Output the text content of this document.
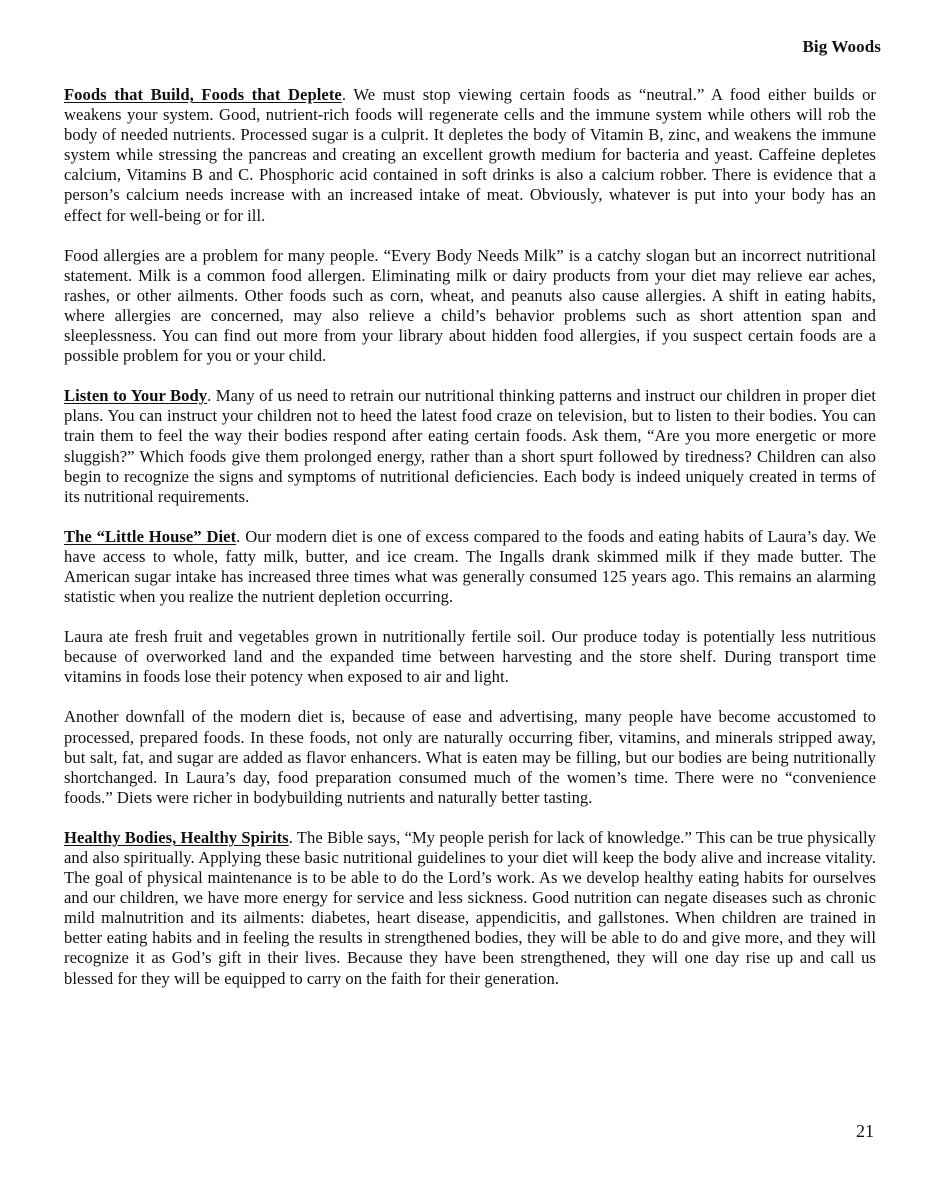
Big Woods

Foods that Build, Foods that Deplete. We must stop viewing certain foods as “neutral.” A food either builds or weakens your system. Good, nutrient-rich foods will regenerate cells and the immune system while others will rob the body of needed nutrients. Processed sugar is a culprit. It depletes the body of Vitamin B, zinc, and weakens the immune system while stressing the pancreas and creating an excellent growth medium for bacteria and yeast. Caffeine depletes calcium, Vitamins B and C. Phosphoric acid contained in soft drinks is also a calcium robber. There is evidence that a person’s calcium needs increase with an increased intake of meat. Obviously, whatever is put into your body has an effect for well-being or for ill.

Food allergies are a problem for many people. “Every Body Needs Milk” is a catchy slogan but an incorrect nutritional statement. Milk is a common food allergen. Eliminating milk or dairy products from your diet may relieve ear aches, rashes, or other ailments. Other foods such as corn, wheat, and peanuts also cause allergies. A shift in eating habits, where allergies are concerned, may also relieve a child’s behavior problems such as short attention span and sleeplessness. You can find out more from your library about hidden food allergies, if you suspect certain foods are a possible problem for you or your child.

Listen to Your Body. Many of us need to retrain our nutritional thinking patterns and instruct our children in proper diet plans. You can instruct your children not to heed the latest food craze on television, but to listen to their bodies. You can train them to feel the way their bodies respond after eating certain foods. Ask them, “Are you more energetic or more sluggish?” Which foods give them prolonged energy, rather than a short spurt followed by tiredness? Children can also begin to recognize the signs and symptoms of nutritional deficiencies. Each body is indeed uniquely created in terms of its nutritional requirements.

The “Little House” Diet. Our modern diet is one of excess compared to the foods and eating habits of Laura’s day. We have access to whole, fatty milk, butter, and ice cream. The Ingalls drank skimmed milk if they made butter. The American sugar intake has increased three times what was generally consumed 125 years ago. This remains an alarming statistic when you realize the nutrient depletion occurring.

Laura ate fresh fruit and vegetables grown in nutritionally fertile soil. Our produce today is potentially less nutritious because of overworked land and the expanded time between harvesting and the store shelf. During transport time vitamins in foods lose their potency when exposed to air and light.

Another downfall of the modern diet is, because of ease and advertising, many people have become accustomed to processed, prepared foods. In these foods, not only are naturally occurring fiber, vitamins, and minerals stripped away, but salt, fat, and sugar are added as flavor enhancers. What is eaten may be filling, but our bodies are being nutritionally shortchanged. In Laura’s day, food preparation consumed much of the women’s time. There were no “convenience foods.” Diets were richer in bodybuilding nutrients and naturally better tasting.

Healthy Bodies, Healthy Spirits. The Bible says, “My people perish for lack of knowledge.” This can be true physically and also spiritually. Applying these basic nutritional guidelines to your diet will keep the body alive and increase vitality. The goal of physical maintenance is to be able to do the Lord’s work. As we develop healthy eating habits for ourselves and our children, we have more energy for service and less sickness. Good nutrition can negate diseases such as chronic mild malnutrition and its ailments: diabetes, heart disease, appendicitis, and gallstones. When children are trained in better eating habits and in feeling the results in strengthened bodies, they will be able to do and give more, and they will recognize it as God’s gift in their lives. Because they have been strengthened, they will one day rise up and call us blessed for they will be equipped to carry on the faith for their generation.

21
